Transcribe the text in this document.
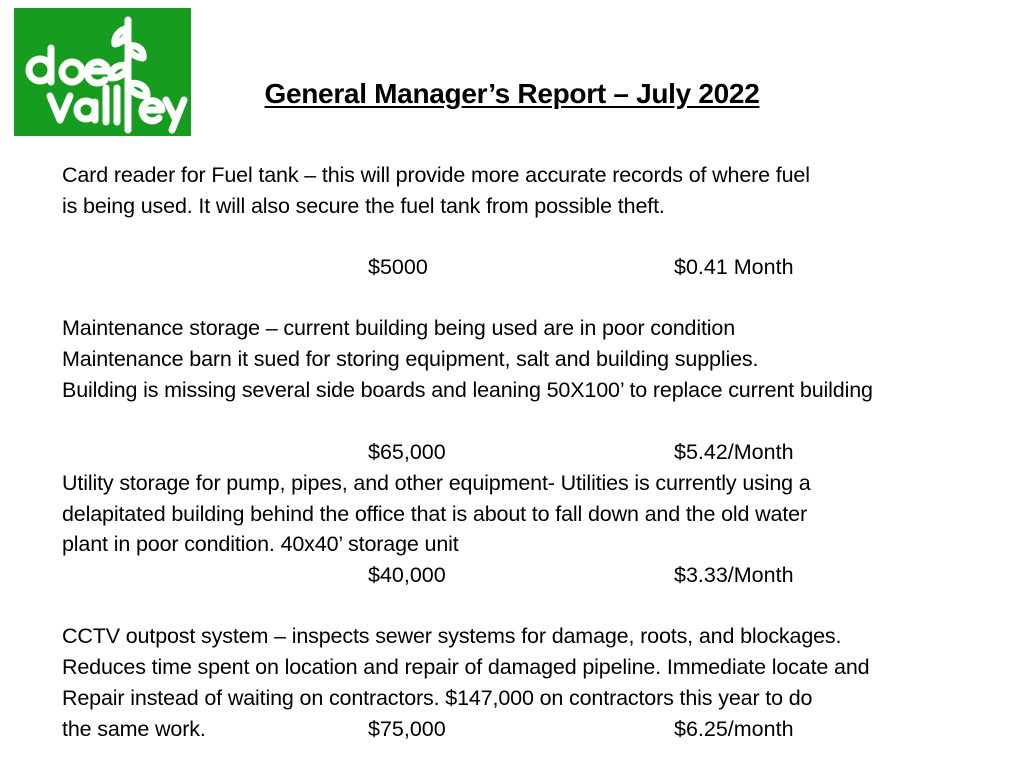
General Manager’s Report – July 2022
Card reader for Fuel tank – this will provide more accurate records of where fuel
is being used. It will also secure the fuel tank from possible theft.
$5000	$0.41 Month
Maintenance storage – current building being used are in poor condition
Maintenance barn it sued for storing equipment, salt and building supplies.
Building is missing several side boards and leaning 50X100’ to replace current building
$65,000	$5.42/Month
Utility storage for pump, pipes, and other equipment- Utilities is currently using a
delapitated building behind the office that is about to fall down and the old water
plant in poor condition. 40x40’ storage unit
$40,000	$3.33/Month
CCTV outpost system – inspects sewer systems for damage, roots, and blockages.
Reduces time spent on location and repair of damaged pipeline. Immediate locate and
Repair instead of waiting on contractors. $147,000 on contractors this year to do
the same work.	$75,000	$6.25/month
